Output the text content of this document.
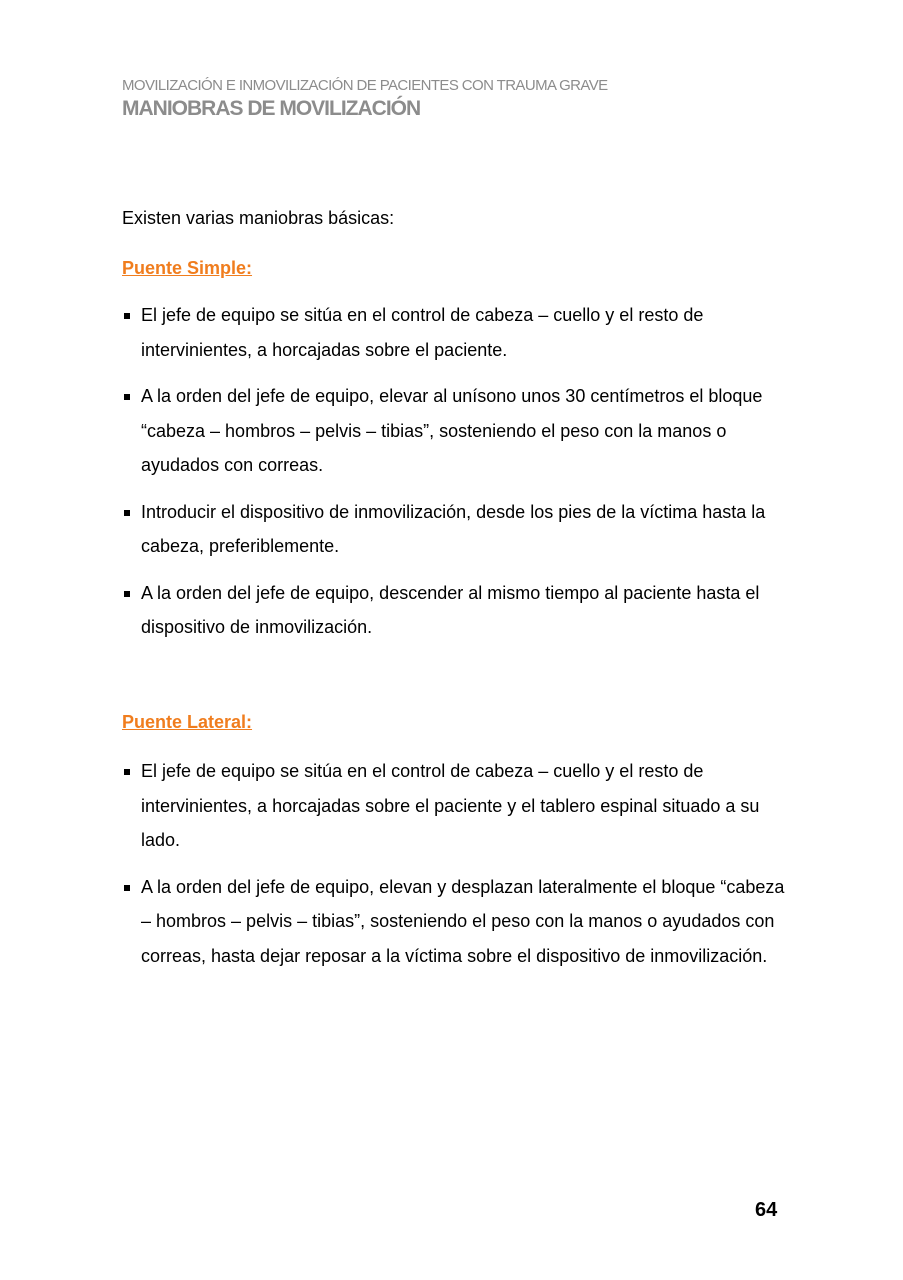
MOVILIZACIÓN E INMOVILIZACIÓN DE PACIENTES CON TRAUMA GRAVE
MANIOBRAS DE MOVILIZACIÓN
Existen varias maniobras básicas:
Puente Simple:
El jefe de equipo se sitúa en el control de cabeza – cuello y el resto de intervinientes, a horcajadas sobre el paciente.
A la orden del jefe de equipo, elevar al unísono unos 30 centímetros el bloque “cabeza – hombros – pelvis – tibias”, sosteniendo el peso con la manos o ayudados con correas.
Introducir el dispositivo de inmovilización, desde los pies de la víctima hasta la cabeza, preferiblemente.
A la orden del jefe de equipo, descender al mismo tiempo al paciente hasta el dispositivo de inmovilización.
Puente Lateral:
El jefe de equipo se sitúa en el control de cabeza – cuello y el resto de intervinientes, a horcajadas sobre el paciente y el tablero espinal situado a su lado.
A la orden del jefe de equipo, elevan y desplazan lateralmente el bloque “cabeza – hombros – pelvis – tibias”, sosteniendo el peso con la manos o ayudados con correas, hasta dejar reposar a la víctima sobre el dispositivo de inmovilización.
64
